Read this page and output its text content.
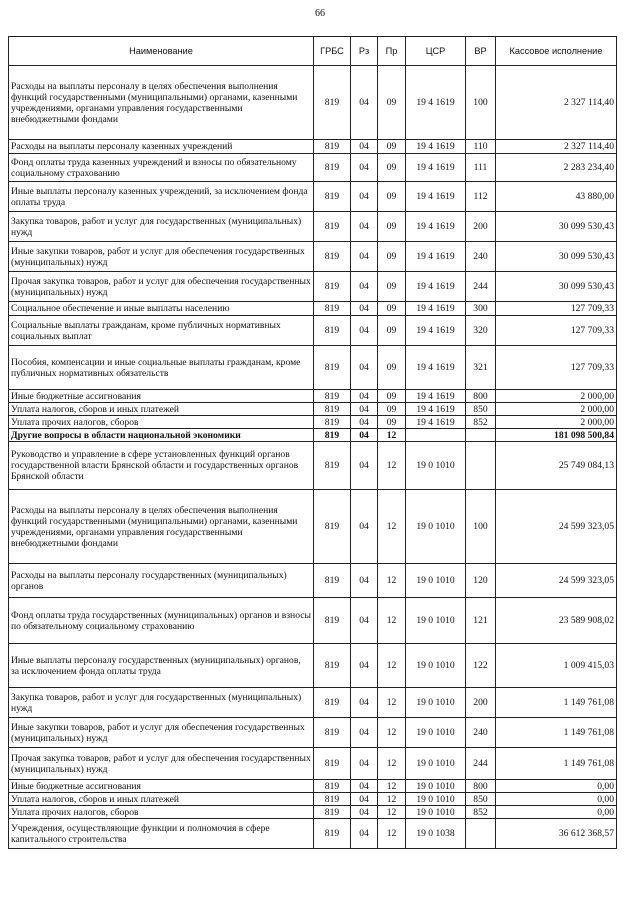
66
Наименование	ГРБС	Рз	Пр	ЦСР	ВР	Кассовое исполнение
Расходы на выплаты персоналу в целях обеспечения выполнения функций государственными (муниципальными) органами, казенными учреждениями, органами управления государственными внебюджетными фондами	819	04	09	19 4 1619	100	2 327 114,40
Расходы на выплаты персоналу казенных учреждений	819	04	09	19 4 1619	110	2 327 114,40
Фонд оплаты труда казенных учреждений и взносы по обязательному социальному страхованию	819	04	09	19 4 1619	111	2 283 234,40
Иные выплаты персоналу казенных учреждений, за исключением фонда оплаты труда	819	04	09	19 4 1619	112	43 880,00
Закупка товаров, работ и услуг для государственных (муниципальных) нужд	819	04	09	19 4 1619	200	30 099 530,43
Иные закупки товаров, работ и услуг для обеспечения государственных (муниципальных) нужд	819	04	09	19 4 1619	240	30 099 530,43
Прочая закупка товаров, работ и услуг для обеспечения государственных (муниципальных) нужд	819	04	09	19 4 1619	244	30 099 530,43
Социальное обеспечение и иные выплаты населению	819	04	09	19 4 1619	300	127 709,33
Социальные выплаты гражданам, кроме публичных нормативных социальных выплат	819	04	09	19 4 1619	320	127 709,33
Пособия, компенсации и иные социальные выплаты гражданам, кроме публичных нормативных обязательств	819	04	09	19 4 1619	321	127 709,33
Иные бюджетные ассигнования	819	04	09	19 4 1619	800	2 000,00
Уплата налогов, сборов и иных платежей	819	04	09	19 4 1619	850	2 000,00
Уплата прочих налогов, сборов	819	04	09	19 4 1619	852	2 000,00
Другие вопросы в области национальной экономики	819	04	12			181 098 500,84
Руководство и управление в сфере установленных функций органов государственной власти Брянской области и государственных органов Брянской области	819	04	12	19 0 1010		25 749 084,13
Расходы на выплаты персоналу в целях обеспечения выполнения функций государственными (муниципальными) органами, казенными учреждениями, органами управления государственными внебюджетными фондами	819	04	12	19 0 1010	100	24 599 323,05
Расходы на выплаты персоналу государственных (муниципальных) органов	819	04	12	19 0 1010	120	24 599 323,05
Фонд оплаты труда государственных (муниципальных) органов и взносы по обязательному социальному страхованию	819	04	12	19 0 1010	121	23 589 908,02
Иные выплаты персоналу государственных (муниципальных) органов, за исключением фонда оплаты труда	819	04	12	19 0 1010	122	1 009 415,03
Закупка товаров, работ и услуг для государственных (муниципальных) нужд	819	04	12	19 0 1010	200	1 149 761,08
Иные закупки товаров, работ и услуг для обеспечения государственных (муниципальных) нужд	819	04	12	19 0 1010	240	1 149 761,08
Прочая закупка товаров, работ и услуг для обеспечения государственных (муниципальных) нужд	819	04	12	19 0 1010	244	1 149 761,08
Иные бюджетные ассигнования	819	04	12	19 0 1010	800	0,00
Уплата налогов, сборов и иных платежей	819	04	12	19 0 1010	850	0,00
Уплата прочих налогов, сборов	819	04	12	19 0 1010	852	0,00
Учреждения, осуществляющие функции и полномочия в сфере капитального строительства	819	04	12	19 0 1038		36 612 368,57
